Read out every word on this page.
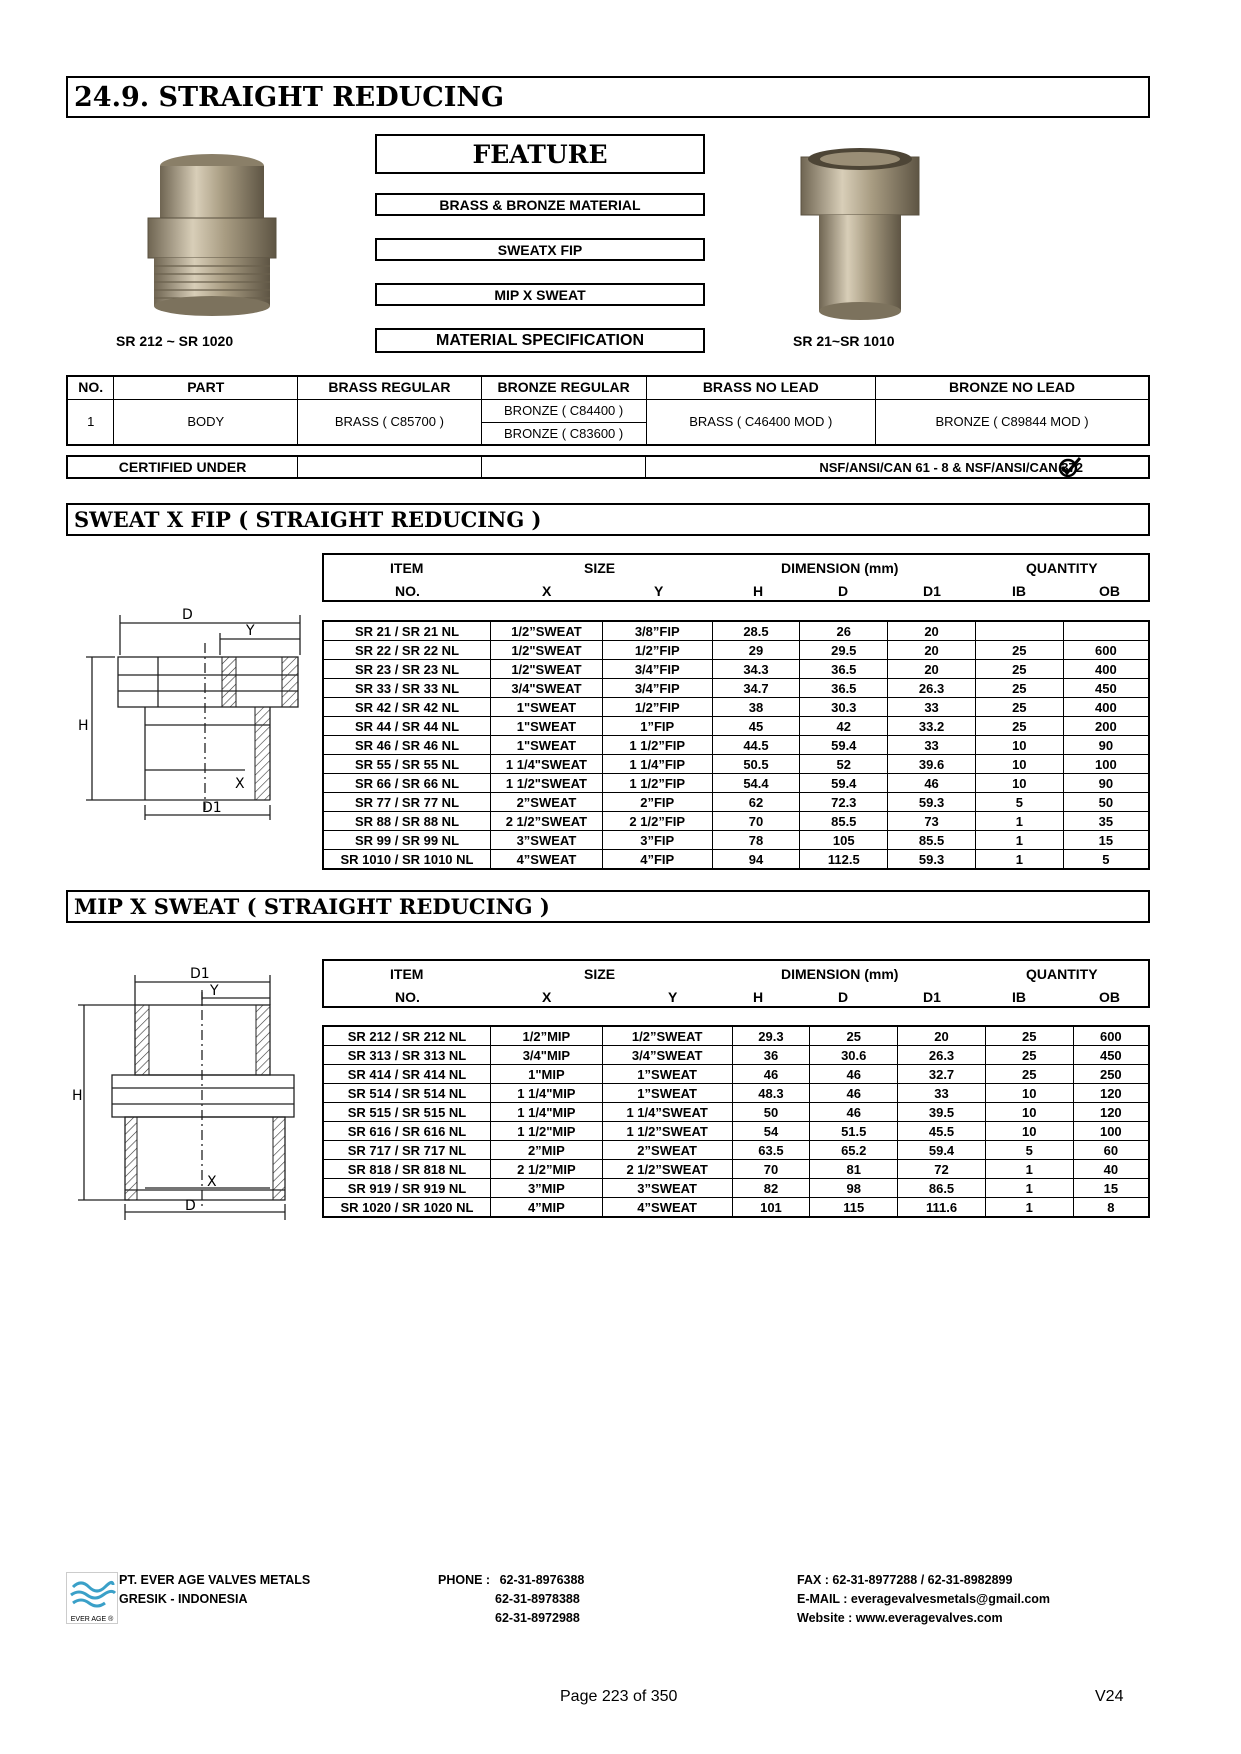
24.9. STRAIGHT REDUCING
FEATURE
BRASS & BRONZE MATERIAL
SWEATX FIP
MIP X SWEAT
MATERIAL SPECIFICATION
SR 212 ~ SR 1020	SR 21~SR 1010
NO.	PART	BRASS REGULAR	BRONZE REGULAR	BRASS NO LEAD	BRONZE NO LEAD
1	BODY	BRASS ( C85700 )	BRONZE ( C84400 )	BRASS ( C46400 MOD )	BRONZE ( C89844 MOD )
			BRONZE ( C83600 )		
CERTIFIED UNDER			NSF/ANSI/CAN 61 - 8 & NSF/ANSI/CAN 372
SWEAT X FIP ( STRAIGHT REDUCING )
ITEM	SIZE	DIMENSION (mm)	QUANTITY
NO.	X	Y	H	D	D1	IB	OB
SR 21 / SR 21 NL	1/2”SWEAT	3/8”FIP	28.5	26	20		
SR 22 / SR 22 NL	1/2"SWEAT	1/2”FIP	29	29.5	20	25	600
SR 23 / SR 23 NL	1/2"SWEAT	3/4”FIP	34.3	36.5	20	25	400
SR 33 / SR 33 NL	3/4"SWEAT	3/4”FIP	34.7	36.5	26.3	25	450
SR 42 / SR 42 NL	1"SWEAT	1/2”FIP	38	30.3	33	25	400
SR 44 / SR 44 NL	1"SWEAT	1”FIP	45	42	33.2	25	200
SR 46 / SR 46 NL	1"SWEAT	1 1/2”FIP	44.5	59.4	33	10	90
SR 55 / SR 55 NL	1 1/4"SWEAT	1 1/4”FIP	50.5	52	39.6	10	100
SR 66 / SR 66 NL	1 1/2"SWEAT	1 1/2”FIP	54.4	59.4	46	10	90
SR 77 / SR 77 NL	2”SWEAT	2”FIP	62	72.3	59.3	5	50
SR 88 / SR 88 NL	2 1/2”SWEAT	2 1/2”FIP	70	85.5	73	1	35
SR 99 / SR 99 NL	3”SWEAT	3”FIP	78	105	85.5	1	15
SR 1010 / SR 1010 NL	4”SWEAT	4”FIP	94	112.5	59.3	1	5
D
Y
H
X
D1
MIP X SWEAT ( STRAIGHT REDUCING )
ITEM	SIZE	DIMENSION (mm)	QUANTITY
NO.	X	Y	H	D	D1	IB	OB
SR 212 / SR 212 NL	1/2”MIP	1/2”SWEAT	29.3	25	20	25	600
SR 313 / SR 313 NL	3/4"MIP	3/4”SWEAT	36	30.6	26.3	25	450
SR 414 / SR 414 NL	1"MIP	1”SWEAT	46	46	32.7	25	250
SR 514 / SR 514 NL	1 1/4"MIP	1”SWEAT	48.3	46	33	10	120
SR 515 / SR 515 NL	1 1/4"MIP	1 1/4”SWEAT	50	46	39.5	10	120
SR 616 / SR 616 NL	1 1/2"MIP	1 1/2”SWEAT	54	51.5	45.5	10	100
SR 717 / SR 717 NL	2”MIP	2”SWEAT	63.5	65.2	59.4	5	60
SR 818 / SR 818 NL	2 1/2”MIP	2 1/2”SWEAT	70	81	72	1	40
SR 919 / SR 919 NL	3”MIP	3”SWEAT	82	98	86.5	1	15
SR 1020 / SR 1020 NL	4”MIP	4”SWEAT	101	115	111.6	1	8
D1
Y
H
X
D
EVER AGE ®
PT. EVER AGE VALVES METALS
GRESIK - INDONESIA
PHONE : 62-31-8976388
62-31-8978388
62-31-8972988
FAX : 62-31-8977288 / 62-31-8982899
E-MAIL : everagevalvesmetals@gmail.com
Website : www.everagevalves.com
Page 223 of 350	V24
